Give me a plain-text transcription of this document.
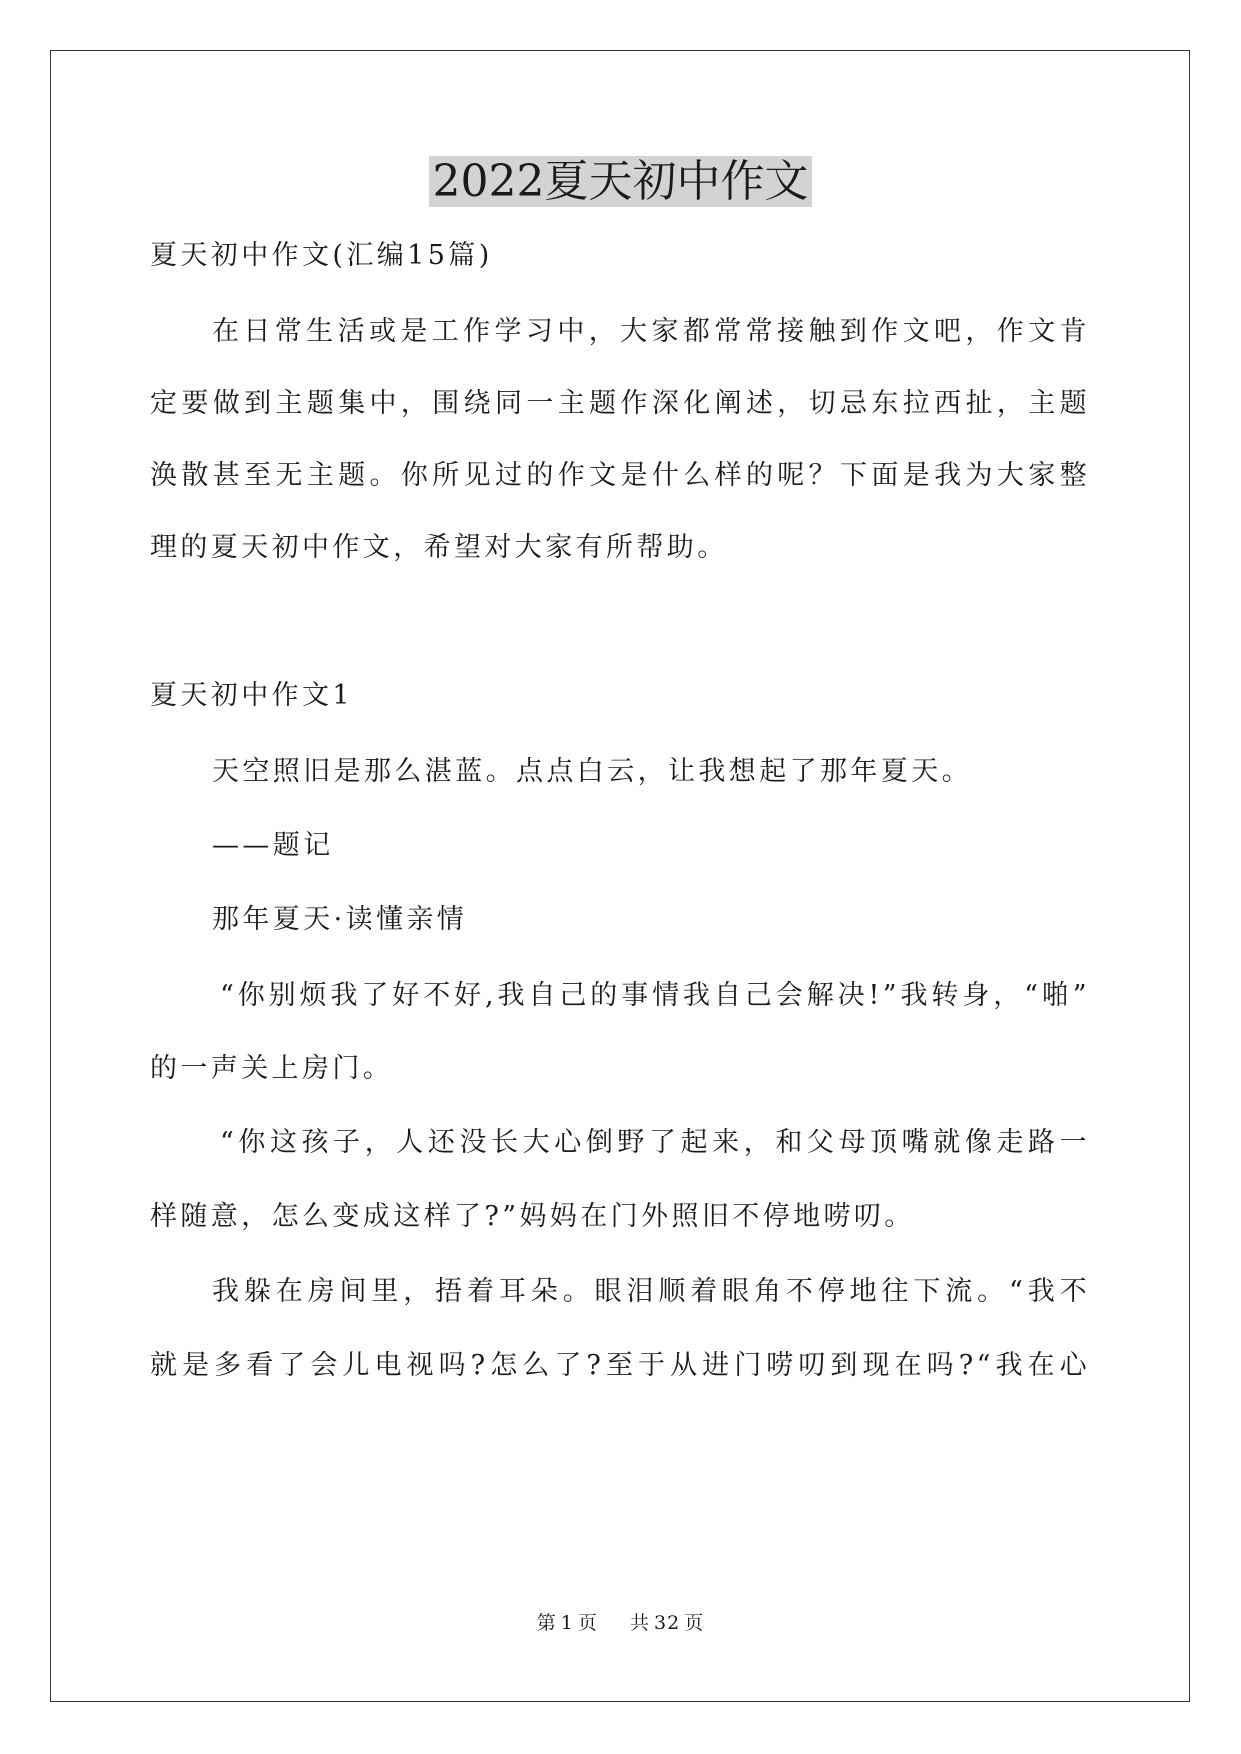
2022夏天初中作文

夏天初中作文(汇编15篇)

在日常生活或是工作学习中，大家都常常接触到作文吧，作文肯

定要做到主题集中，围绕同一主题作深化阐述，切忌东拉西扯，主题

涣散甚至无主题。你所见过的作文是什么样的呢？下面是我为大家整

理的夏天初中作文，希望对大家有所帮助。

夏天初中作文1

天空照旧是那么湛蓝。点点白云，让我想起了那年夏天。

——题记

那年夏天·读懂亲情

“你别烦我了好不好,我自己的事情我自己会解决!”我转身，“啪”

的一声关上房门。

“你这孩子，人还没长大心倒野了起来，和父母顶嘴就像走路一

样随意，怎么变成这样了?”妈妈在门外照旧不停地唠叨。

我躲在房间里，捂着耳朵。眼泪顺着眼角不停地往下流。“我不

就是多看了会儿电视吗?怎么了?至于从进门唠叨到现在吗?“我在心

第 1 页 共 32 页
